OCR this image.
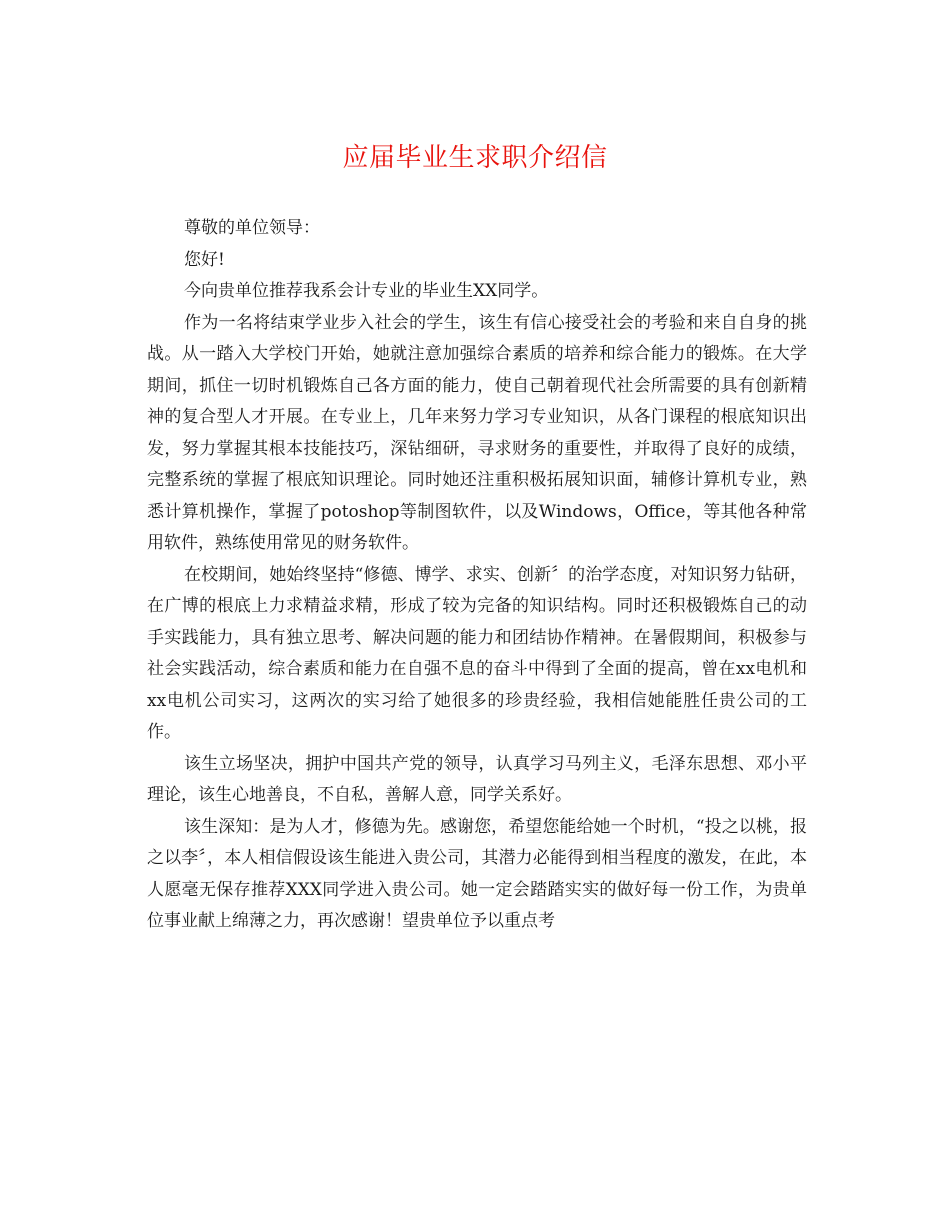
应届毕业生求职介绍信

尊敬的单位领导：

您好!

今向贵单位推荐我系会计专业的毕业生XX同学。

作为一名将结束学业步入社会的学生，该生有信心接受社会的考验和来自自身的挑战。从一踏入大学校门开始，她就注意加强综合素质的培养和综合能力的锻炼。在大学期间，抓住一切时机锻炼自己各方面的能力，使自己朝着现代社会所需要的具有创新精神的复合型人才开展。在专业上，几年来努力学习专业知识，从各门课程的根底知识出发，努力掌握其根本技能技巧，深钻细研，寻求财务的重要性，并取得了良好的成绩，完整系统的掌握了根底知识理论。同时她还注重积极拓展知识面，辅修计算机专业，熟悉计算机操作，掌握了potoshop等制图软件，以及Windows，Office，等其他各种常用软件，熟练使用常见的财务软件。

在校期间，她始终坚持“修德、博学、求实、创新〞的治学态度，对知识努力钻研，在广博的根底上力求精益求精，形成了较为完备的知识结构。同时还积极锻炼自己的动手实践能力，具有独立思考、解决问题的能力和团结协作精神。在暑假期间，积极参与社会实践活动，综合素质和能力在自强不息的奋斗中得到了全面的提高，曾在xx电机和xx电机公司实习，这两次的实习给了她很多的珍贵经验，我相信她能胜任贵公司的工作。

该生立场坚决，拥护中国共产党的领导，认真学习马列主义，毛泽东思想、邓小平理论，该生心地善良，不自私，善解人意，同学关系好。

该生深知：是为人才，修德为先。感谢您，希望您能给她一个时机，“投之以桃，报之以李〞，本人相信假设该生能进入贵公司，其潜力必能得到相当程度的激发，在此，本人愿毫无保存推荐XXX同学进入贵公司。她一定会踏踏实实的做好每一份工作，为贵单位事业献上绵薄之力，再次感谢！望贵单位予以重点考
